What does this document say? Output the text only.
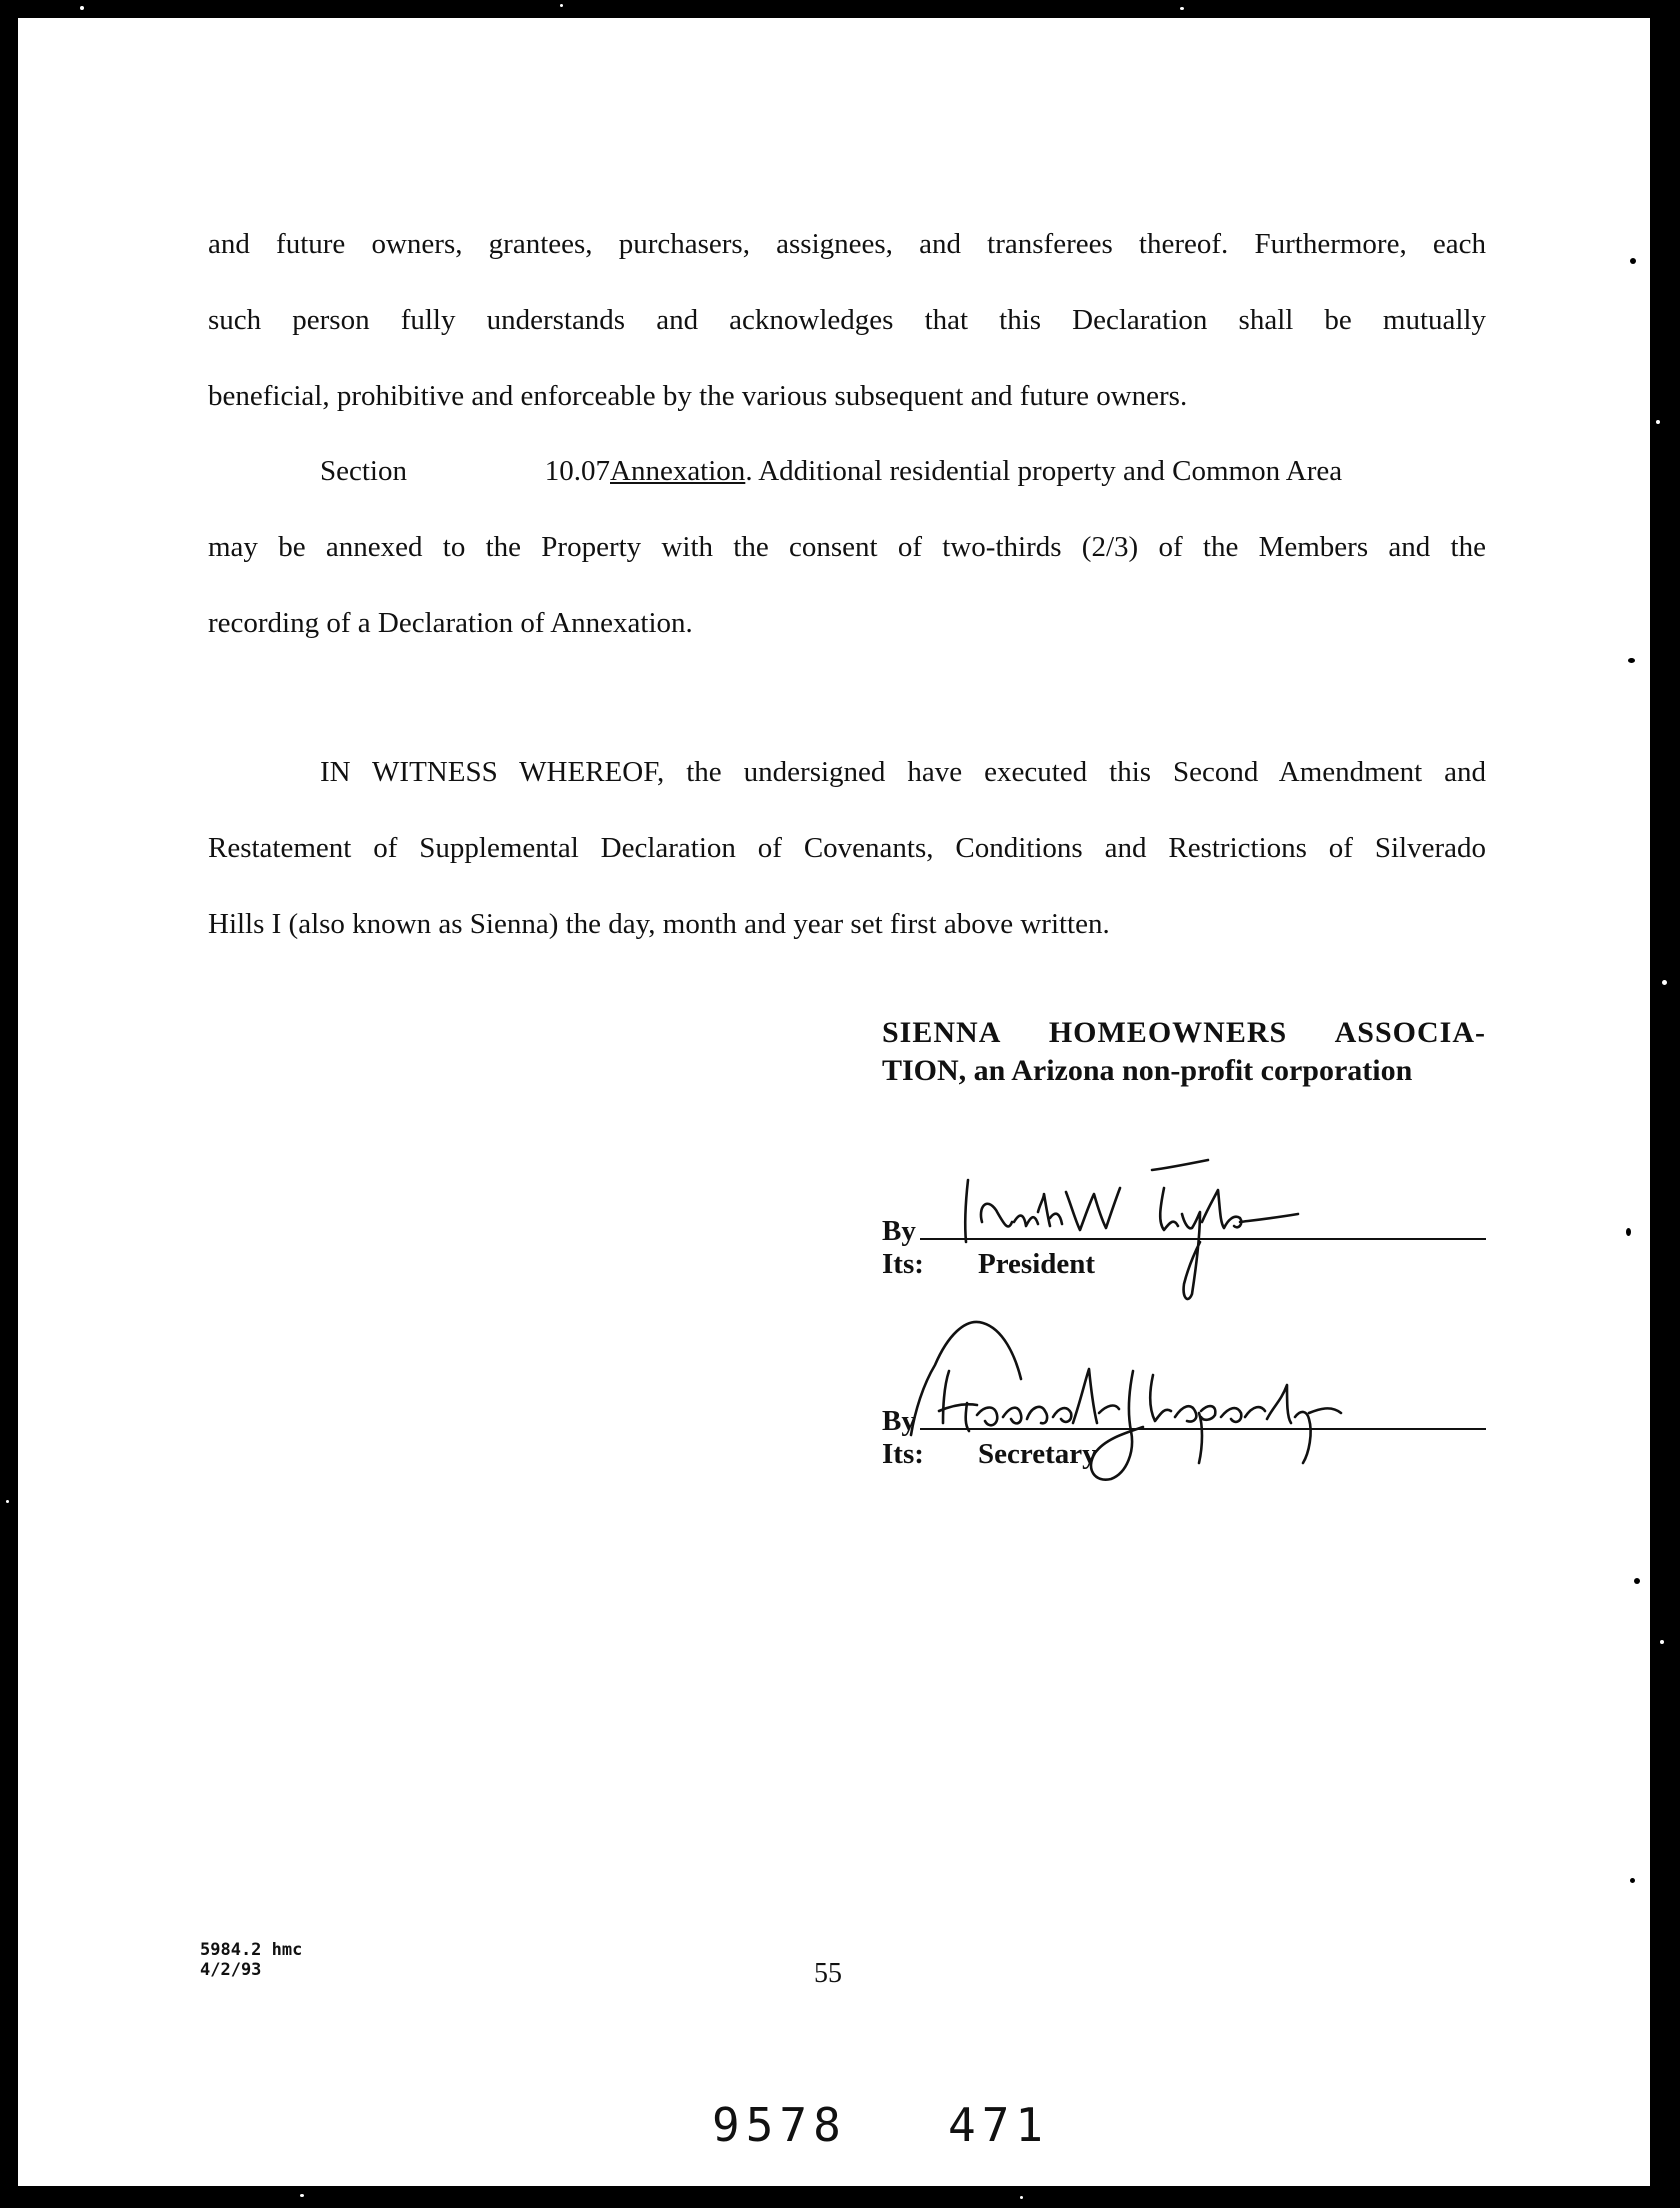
and future owners, grantees, purchasers, assignees, and transferees thereof. Furthermore, each
such person fully understands and acknowledges that this Declaration shall be mutually
beneficial, prohibitive and enforceable by the various subsequent and future owners.
Section 10.07Annexation. Additional residential property and Common Area
may be annexed to the Property with the consent of two-thirds (2/3) of the Members and the
recording of a Declaration of Annexation.
IN WITNESS WHEREOF, the undersigned have executed this Second Amendment and
Restatement of Supplemental Declaration of Covenants, Conditions and Restrictions of Silverado
Hills I (also known as Sienna) the day, month and year set first above written.
SIENNA HOMEOWNERS ASSOCIA-
TION, an Arizona non-profit corporation
By
Its: President
By
Its: Secretary
5984.2 hmc
4/2/93	55
9578 471
